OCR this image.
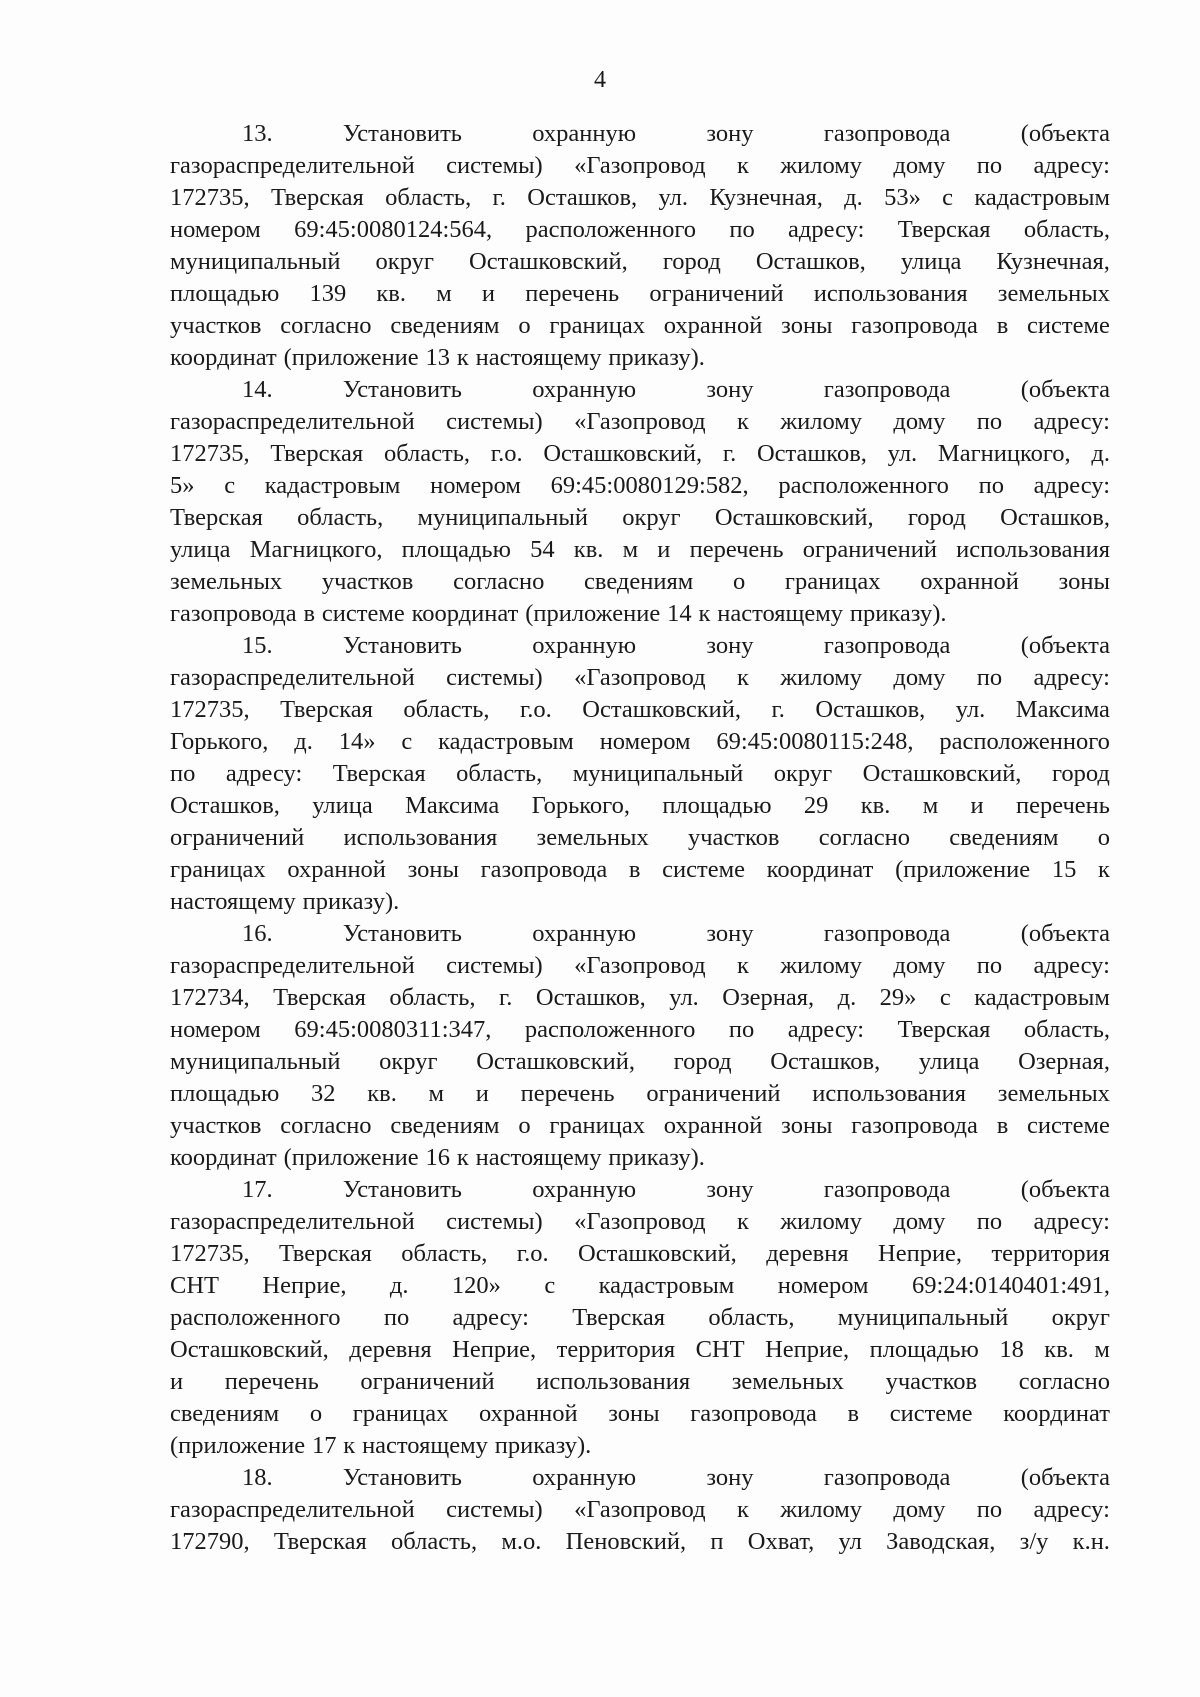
4
13.	Установить	охранную	зону	газопровода	(объекта
газораспределительной системы) «Газопровод к жилому дому по адресу:
172735, Тверская область, г. Осташков, ул. Кузнечная, д. 53» с кадастровым
номером 69:45:0080124:564, расположенного по адресу: Тверская область,
муниципальный округ Осташковский, город Осташков, улица Кузнечная,
площадью 139 кв. м и перечень ограничений использования земельных
участков согласно сведениям о границах охранной зоны газопровода в системе
координат (приложение 13 к настоящему приказу).
14.	Установить	охранную	зону	газопровода	(объекта
газораспределительной системы) «Газопровод к жилому дому по адресу:
172735, Тверская область, г.о. Осташковский, г. Осташков, ул. Магницкого, д.
5» с кадастровым номером 69:45:0080129:582, расположенного по адресу:
Тверская область, муниципальный округ Осташковский, город Осташков,
улица Магницкого, площадью 54 кв. м и перечень ограничений использования
земельных участков согласно сведениям о границах охранной зоны
газопровода в системе координат (приложение 14 к настоящему приказу).
15.	Установить	охранную	зону	газопровода	(объекта
газораспределительной системы) «Газопровод к жилому дому по адресу:
172735, Тверская область, г.о. Осташковский, г. Осташков, ул. Максима
Горького, д. 14» с кадастровым номером 69:45:0080115:248, расположенного
по адресу: Тверская область, муниципальный округ Осташковский, город
Осташков, улица Максима Горького, площадью 29 кв. м и перечень
ограничений использования земельных участков согласно сведениям о
границах охранной зоны газопровода в системе координат (приложение 15 к
настоящему приказу).
16.	Установить	охранную	зону	газопровода	(объекта
газораспределительной системы) «Газопровод к жилому дому по адресу:
172734, Тверская область, г. Осташков, ул. Озерная, д. 29» с кадастровым
номером 69:45:0080311:347, расположенного по адресу: Тверская область,
муниципальный округ Осташковский, город Осташков, улица Озерная,
площадью 32 кв. м и перечень ограничений использования земельных
участков согласно сведениям о границах охранной зоны газопровода в системе
координат (приложение 16 к настоящему приказу).
17.	Установить	охранную	зону	газопровода	(объекта
газораспределительной системы) «Газопровод к жилому дому по адресу:
172735, Тверская область, г.о. Осташковский, деревня Неприе, территория
СНТ Неприе, д. 120» с кадастровым номером 69:24:0140401:491,
расположенного по адресу: Тверская область, муниципальный округ
Осташковский, деревня Неприе, территория СНТ Неприе, площадью 18 кв. м
и перечень ограничений использования земельных участков согласно
сведениям о границах охранной зоны газопровода в системе координат
(приложение 17 к настоящему приказу).
18.	Установить	охранную	зону	газопровода	(объекта
газораспределительной системы) «Газопровод к жилому дому по адресу:
172790, Тверская область, м.о. Пеновский, п Охват, ул Заводская, з/у к.н.
